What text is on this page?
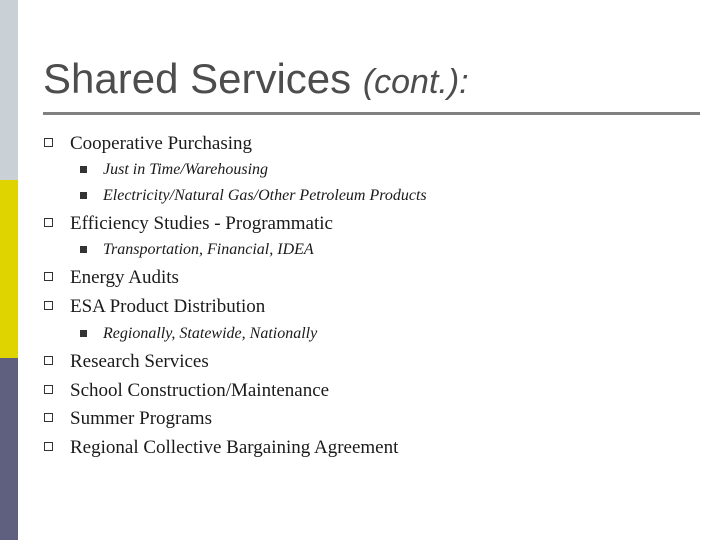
Shared Services (cont.):
Cooperative Purchasing
Just in Time/Warehousing
Electricity/Natural Gas/Other Petroleum Products
Efficiency Studies - Programmatic
Transportation, Financial, IDEA
Energy Audits
ESA Product Distribution
Regionally, Statewide, Nationally
Research Services
School Construction/Maintenance
Summer Programs
Regional Collective Bargaining Agreement
